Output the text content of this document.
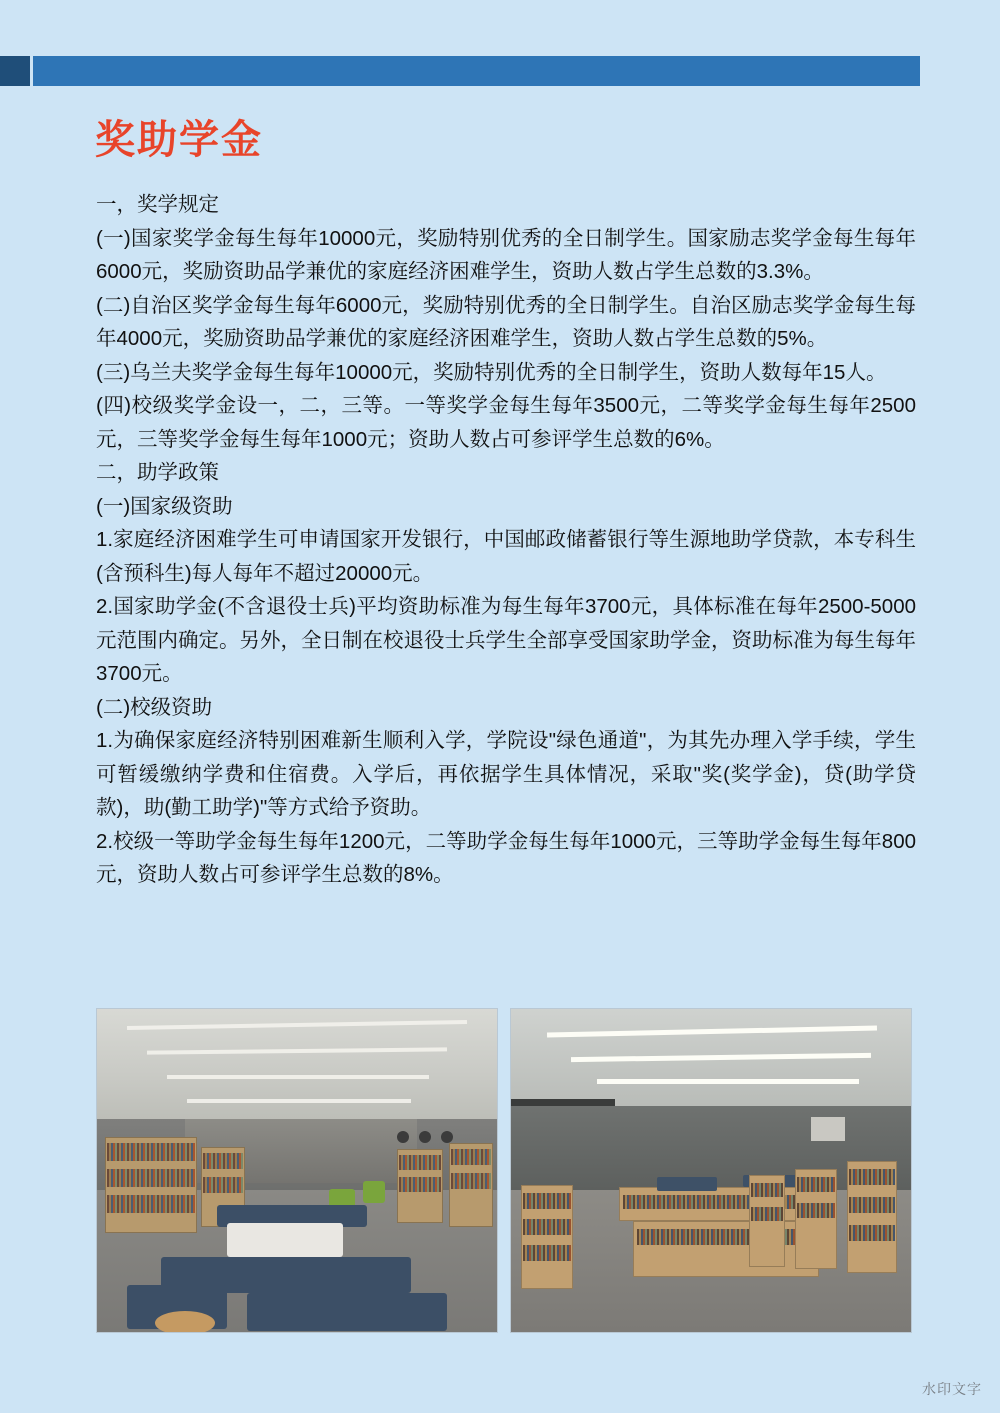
奖助学金

一，奖学规定

(一)国家奖学金每生每年10000元，奖励特别优秀的全日制学生。国家励志奖学金每生每年6000元，奖励资助品学兼优的家庭经济困难学生，资助人数占学生总数的3.3%。

(二)自治区奖学金每生每年6000元，奖励特别优秀的全日制学生。自治区励志奖学金每生每年4000元，奖励资助品学兼优的家庭经济困难学生，资助人数占学生总数的5%。

(三)乌兰夫奖学金每生每年10000元，奖励特别优秀的全日制学生，资助人数每年15人。

(四)校级奖学金设一，二，三等。一等奖学金每生每年3500元，二等奖学金每生每年2500元，三等奖学金每生每年1000元；资助人数占可参评学生总数的6%。

二，助学政策

(一)国家级资助

1.家庭经济困难学生可申请国家开发银行，中国邮政储蓄银行等生源地助学贷款，本专科生(含预科生)每人每年不超过20000元。

2.国家助学金(不含退役士兵)平均资助标准为每生每年3700元，具体标准在每年2500-5000元范围内确定。另外，全日制在校退役士兵学生全部享受国家助学金，资助标准为每生每年3700元。

(二)校级资助

1.为确保家庭经济特别困难新生顺利入学，学院设"绿色通道"，为其先办理入学手续，学生可暂缓缴纳学费和住宿费。入学后，再依据学生具体情况，采取"奖(奖学金)，贷(助学贷款)，助(勤工助学)"等方式给予资助。

2.校级一等助学金每生每年1200元，二等助学金每生每年1000元，三等助学金每生每年800元，资助人数占可参评学生总数的8%。

水印文字
